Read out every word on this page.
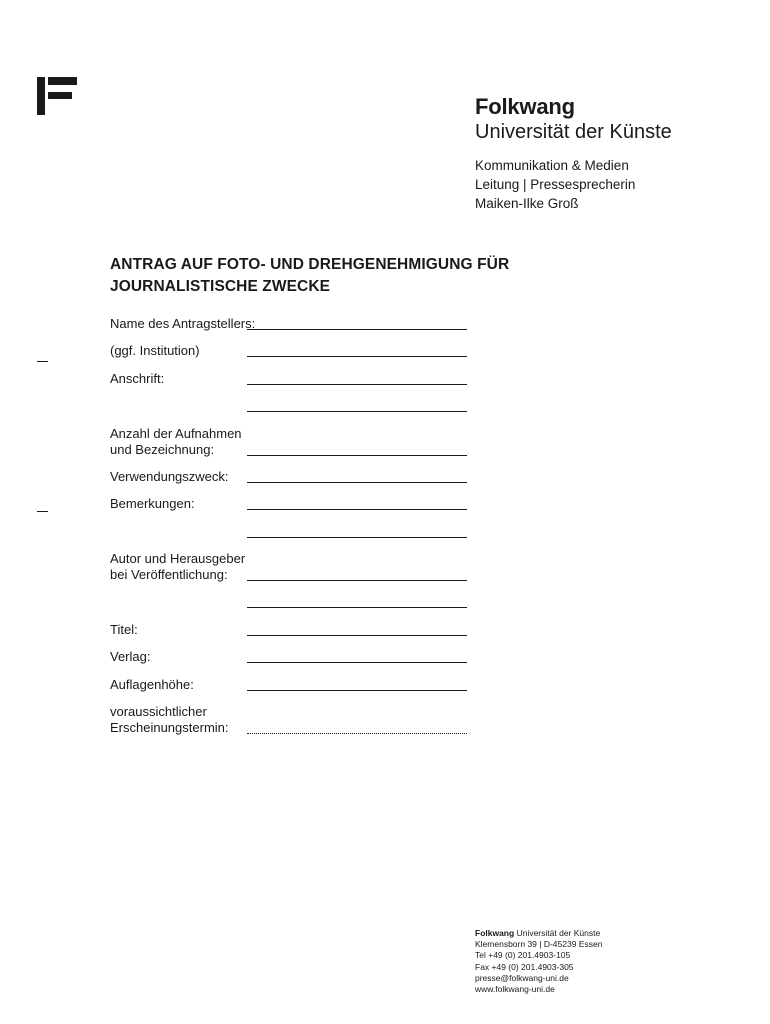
Folkwang
Universität der Künste
Kommunikation & Medien
Leitung | Pressesprecherin
Maiken-Ilke Groß
ANTRAG AUF FOTO- UND DREHGENEHMIGUNG FÜR
JOURNALISTISCHE ZWECKE
Name des Antragstellers:
(ggf. Institution)
Anschrift:
Anzahl der Aufnahmen
und Bezeichnung:
Verwendungszweck:
Bemerkungen:
Autor und Herausgeber
bei Veröffentlichung:
Titel:
Verlag:
Auflagenhöhe:
voraussichtlicher
Erscheinungstermin:
Folkwang Universität der Künste
Klemensborn 39 | D-45239 Essen
Tel +49 (0) 201.4903-105
Fax +49 (0) 201.4903-305
presse@folkwang-uni.de
www.folkwang-uni.de
